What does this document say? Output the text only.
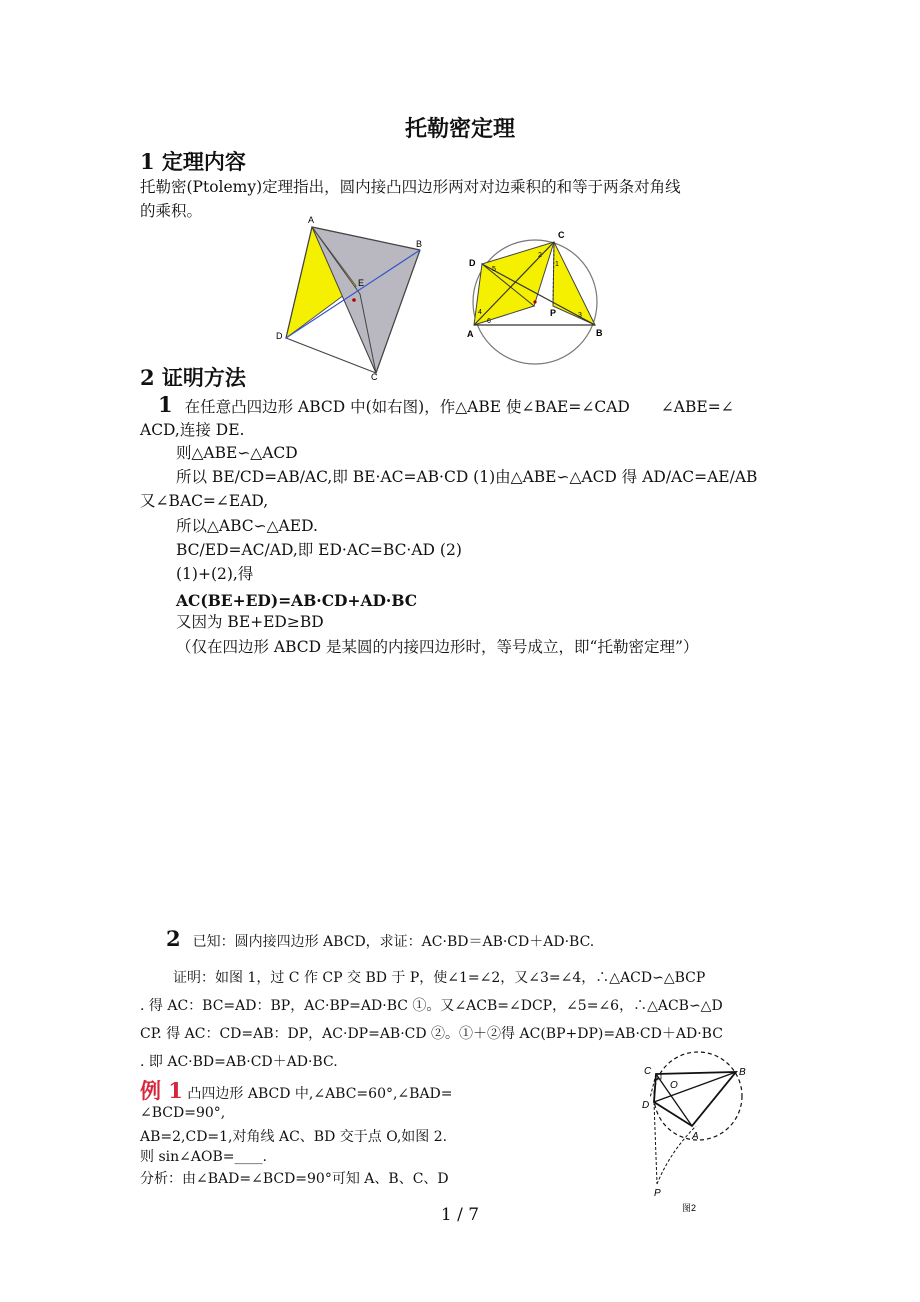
托勒密定理
1 定理内容
托勒密(Ptolemy)定理指出，圆内接凸四边形两对对边乘积的和等于两条对角线
的乘积。	A
B
C
D
E
C
D
A	B
P
1
2
3
4
5
6
2 证明方法
1 在任意凸四边形 ABCD 中(如右图)，作△ABE 使∠BAE=∠CAD　　∠ABE=∠
ACD,连接 DE.
则△ABE∽△ACD
所以 BE/CD=AB/AC,即 BE·AC=AB·CD (1)由△ABE∽△ACD 得 AD/AC=AE/AB
又∠BAC=∠EAD,
所以△ABC∽△AED.
BC/ED=AC/AD,即 ED·AC=BC·AD (2)
(1)+(2),得
AC(BE+ED)=AB·CD+AD·BC
又因为 BE+ED≥BD
（仅在四边形 ABCD 是某圆的内接四边形时，等号成立，即“托勒密定理”）
2 已知：圆内接四边形 ABCD，求证：AC·BD＝AB·CD＋AD·BC.
证明：如图 1，过 C 作 CP 交 BD 于 P，使∠1=∠2，又∠3=∠4，∴△ACD∽△BCP
. 得 AC：BC=AD：BP，AC·BP=AD·BC ①。又∠ACB=∠DCP，∠5=∠6，∴△ACB∽△D
CP. 得 AC：CD=AB：DP，AC·DP=AB·CD ②。①＋②得 AC(BP+DP)=AB·CD＋AD·BC
. 即 AC·BD=AB·CD＋AD·BC.
例 1 凸四边形 ABCD 中,∠ABC=60°,∠BAD=
∠BCD=90°,
AB=2,CD=1,对角线 AC、BD 交于点 O,如图 2.
则 sin∠AOB=____.
分析：由∠BAD=∠BCD=90°可知 A、B、C、D
C	B
O
D
A
P
图2
1 / 7
